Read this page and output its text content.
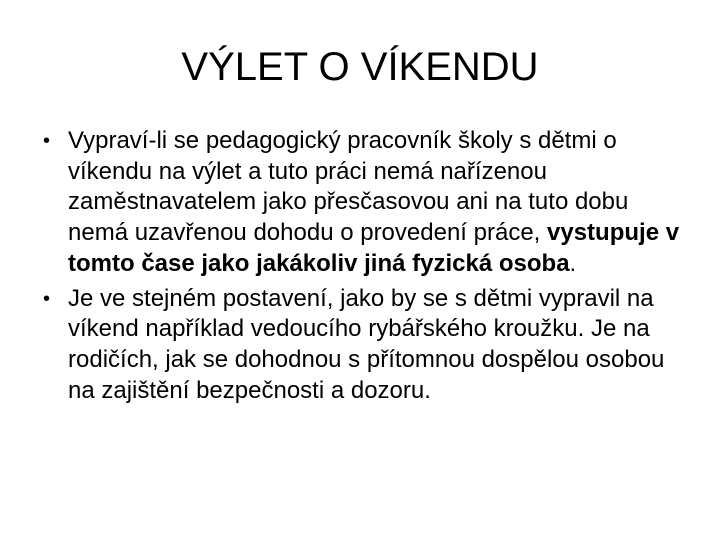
VÝLET O VÍKENDU
• Vypraví-li se pedagogický pracovník školy s dětmi o víkendu na výlet a tuto práci nemá nařízenou zaměstnavatelem jako přesčasovou ani na tuto dobu nemá uzavřenou dohodu o provedení práce, vystupuje v tomto čase jako jakákoliv jiná fyzická osoba.
• Je ve stejném postavení, jako by se s dětmi vypravil na víkend například vedoucího rybářského kroužku. Je na rodičích, jak se dohodnou s přítomnou dospělou osobou na zajištění bezpečnosti a dozoru.
